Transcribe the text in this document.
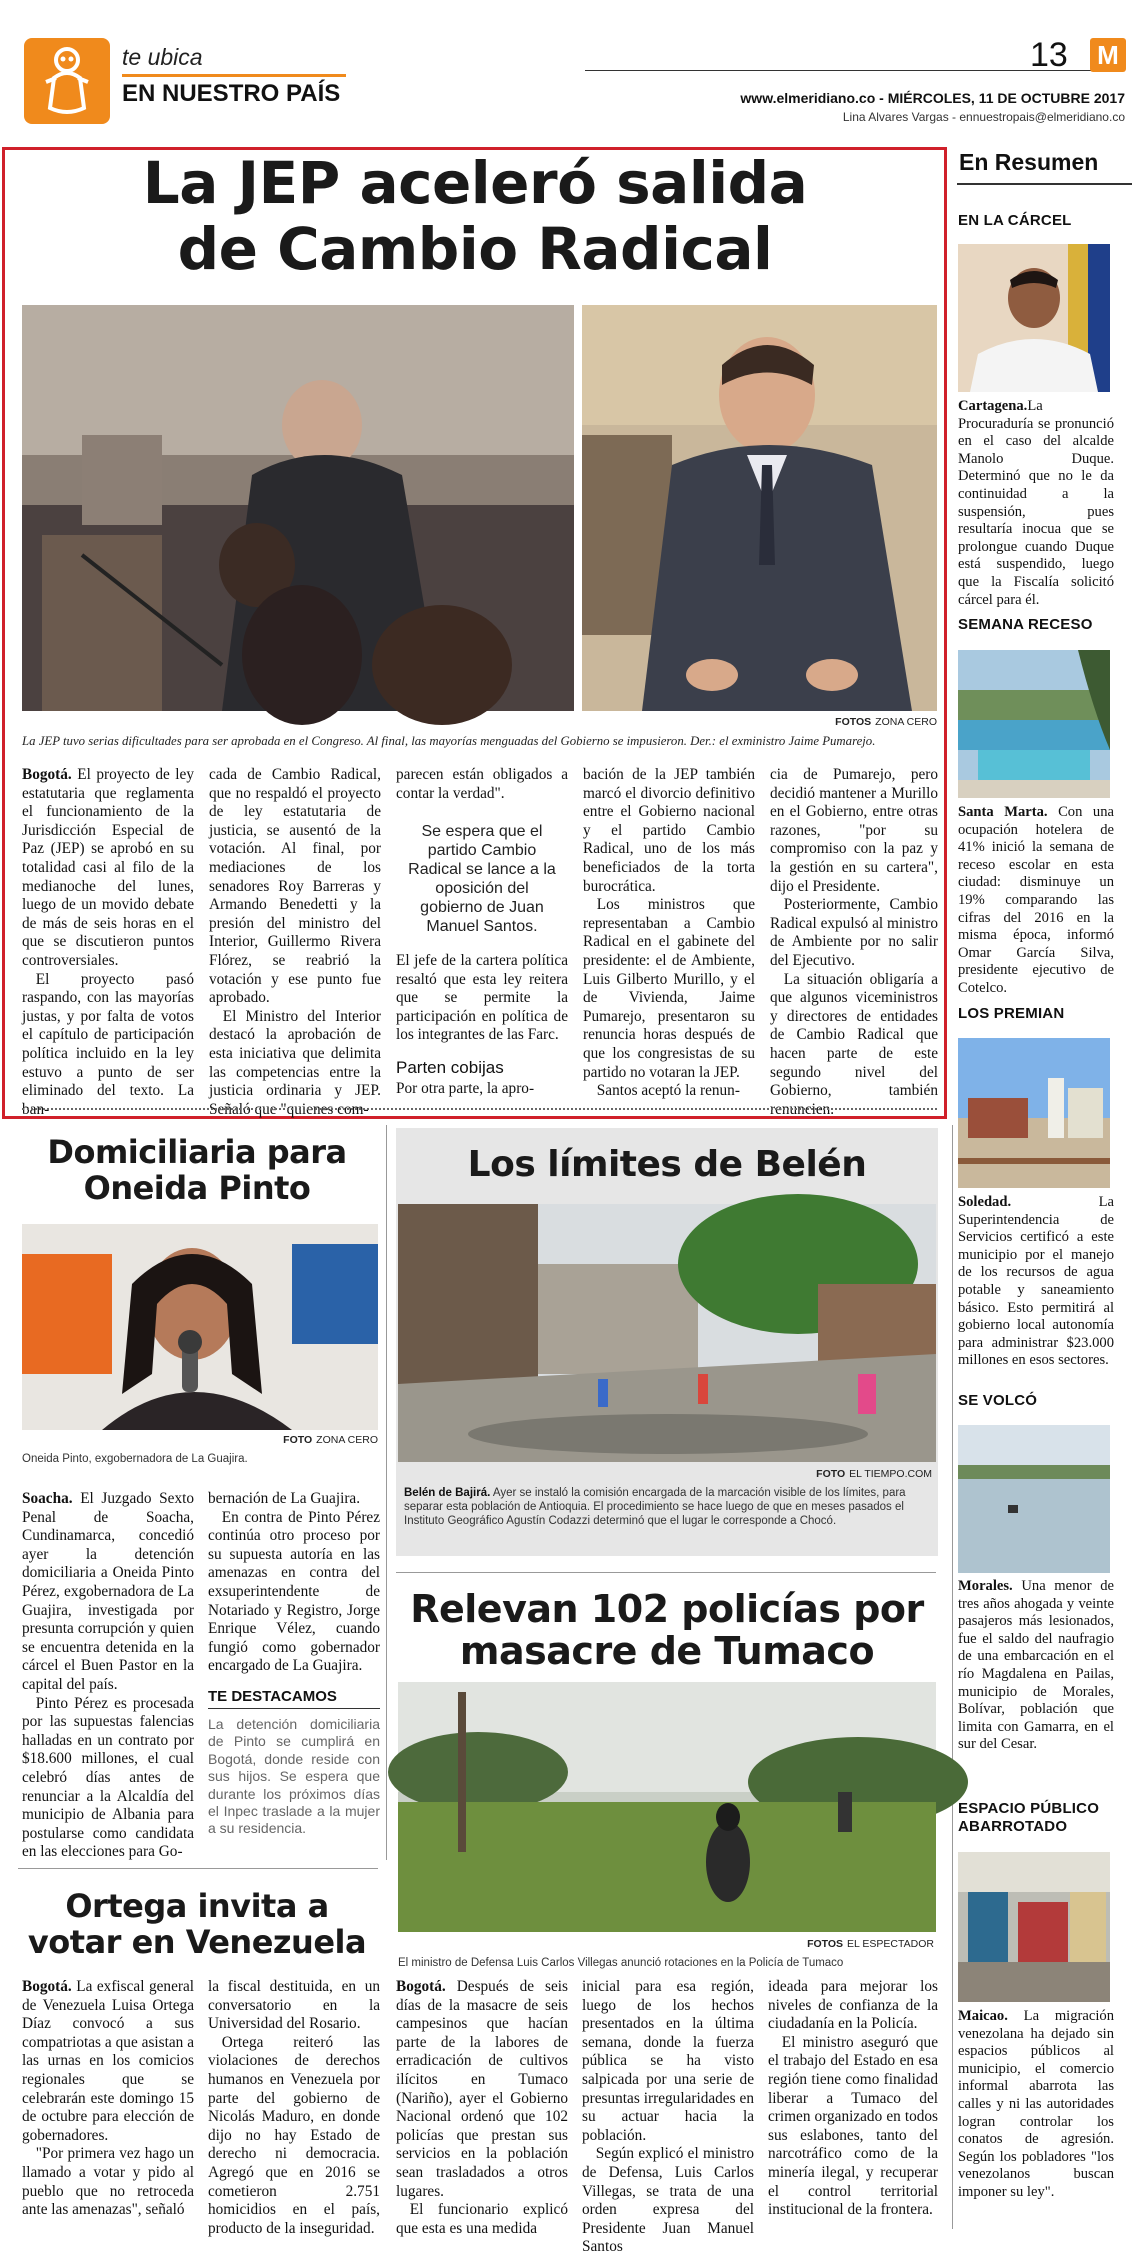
te ubica
EN NUESTRO PAÍS
13 M
www.elmeridiano.co - MIÉRCOLES, 11 DE OCTUBRE 2017
Lina Alvares Vargas - ennuestropais@elmeridiano.co
La JEP aceleró salida
de Cambio Radical
FOTOS ZONA CERO
La JEP tuvo serias dificultades para ser aprobada en el Congreso. Al final, las mayorías menguadas del Gobierno se impusieron. Der.: el exministro Jaime Pumarejo.

Bogotá. El proyecto de ley estatutaria que reglamenta el funcionamiento de la Jurisdicción Especial de Paz (JEP) se aprobó en su totalidad casi al filo de la medianoche del lunes, luego de un movido debate de más de seis horas en el que se discutieron puntos controversiales.

El proyecto pasó raspando, con las mayorías justas, y por falta de votos el capítulo de participación política incluido en la ley estuvo a punto de ser eliminado del texto. La ban-

cada de Cambio Radical, que no respaldó el proyecto de ley estatutaria de justicia, se ausentó de la votación. Al final, por mediaciones de los senadores Roy Barreras y Armando Benedetti y la presión del ministro del Interior, Guillermo Rivera Flórez, se reabrió la votación y ese punto fue aprobado.

El Ministro del Interior destacó la aprobación de esta iniciativa que delimita las competencias entre la justicia ordinaria y JEP. Señaló que "quienes com-

parecen están obligados a contar la verdad".

Se espera que el partido Cambio Radical se lance a la oposición del gobierno de Juan Manuel Santos.

El jefe de la cartera política resaltó que esta ley reitera que se permite la participación en política de los integrantes de las Farc.

Parten cobijas

Por otra parte, la apro-

bación de la JEP también marcó el divorcio definitivo entre el Gobierno nacional y el partido Cambio Radical, uno de los más beneficiados de la torta burocrática.

Los ministros que representaban a Cambio Radical en el gabinete del presidente: el de Ambiente, Luis Gilberto Murillo, y el de Vivienda, Jaime Pumarejo, presentaron su renuncia horas después de que los congresistas de su partido no votaran la JEP.

Santos aceptó la renun-

cia de Pumarejo, pero decidió mantener a Murillo en el Gobierno, entre otras razones, "por su compromiso con la paz y la gestión en su cartera", dijo el Presidente.

Posteriormente, Cambio Radical expulsó al ministro de Ambiente por no salir del Ejecutivo.

La situación obligaría a que algunos viceministros y directores de entidades de Cambio Radical que hacen parte de este segundo nivel del Gobierno, también renuncien.

En Resumen
EN LA CÁRCEL
Cartagena.La Procuraduría se pronunció en el caso del alcalde Manolo Duque. Determinó que no le da continuidad a la suspensión, pues resultaría inocua que se prolongue cuando Duque está suspendido, luego que la Fiscalía solicitó cárcel para él.
SEMANA RECESO
Santa Marta. Con una ocupación hotelera de 41% inició la semana de receso escolar en esta ciudad: disminuye un 19% comparando las cifras del 2016 en la misma época, informó Omar García Silva, presidente ejecutivo de Cotelco.
LOS PREMIAN
Soledad. La Superintendencia de Servicios certificó a este municipio por el manejo de los recursos de agua potable y saneamiento básico. Esto permitirá al gobierno local autonomía para administrar $23.000 millones en esos sectores.
SE VOLCÓ
Morales. Una menor de tres años ahogada y veinte pasajeros más lesionados, fue el saldo del naufragio de una embarcación en el río Magdalena en Pailas, municipio de Morales, Bolívar, población que limita con Gamarra, en el sur del Cesar.
ESPACIO PÚBLICO ABARROTADO
Maicao. La migración venezolana ha dejado sin espacios públicos al municipio, el comercio informal abarrota las calles y ni las autoridades logran controlar los conatos de agresión. Según los pobladores "los venezolanos buscan imponer su ley".
Domiciliaria para
Oneida Pinto
FOTO ZONA CERO
Oneida Pinto, exgobernadora de La Guajira.

Soacha. El Juzgado Sexto Penal de Soacha, Cundinamarca, concedió ayer la detención domiciliaria a Oneida Pinto Pérez, exgobernadora de La Guajira, investigada por presunta corrupción y quien se encuentra detenida en la cárcel el Buen Pastor en la capital del país.

Pinto Pérez es procesada por las supuestas falencias halladas en un contrato por $18.600 millones, el cual celebró días antes de renunciar a la Alcaldía del municipio de Albania para postularse como candidata en las elecciones para Go-

bernación de La Guajira.

En contra de Pinto Pérez continúa otro proceso por su supuesta autoría en las amenazas en contra del exsuperintendente de Notariado y Registro, Jorge Enrique Vélez, cuando fungió como gobernador encargado de La Guajira.

TE DESTACAMOS
La detención domiciliaria de Pinto se cumplirá en Bogotá, donde reside con sus hijos. Se espera que durante los próximos días el Inpec traslade a la mujer a su residencia.
Ortega invita a
votar en Venezuela

Bogotá. La exfiscal general de Venezuela Luisa Ortega Díaz convocó a sus compatriotas a que asistan a las urnas en los comicios regionales que se celebrarán este domingo 15 de octubre para elección de gobernadores.

"Por primera vez hago un llamado a votar y pido al pueblo que no retroceda ante las amenazas", señaló

la fiscal destituida, en un conversatorio en la Universidad del Rosario.

Ortega reiteró las violaciones de derechos humanos en Venezuela por parte del gobierno de Nicolás Maduro, en donde dijo no hay Estado de derecho ni democracia. Agregó que en 2016 se cometieron 2.751 homicidios en el país, producto de la inseguridad.

Los límites de Belén
FOTO EL TIEMPO.COM
Belén de Bajirá. Ayer se instaló la comisión encargada de la marcación visible de los límites, para separar esta población de Antioquia. El procedimiento se hace luego de que en meses pasados el Instituto Geográfico Agustín Codazzi determinó que el lugar le corresponde a Chocó.
Relevan 102 policías por
masacre de Tumaco
FOTOS EL ESPECTADOR
El ministro de Defensa Luis Carlos Villegas anunció rotaciones en la Policía de Tumaco

Bogotá. Después de seis días de la masacre de seis campesinos que hacían parte de la labores de erradicación de cultivos ilícitos en Tumaco (Nariño), ayer el Gobierno Nacional ordenó que 102 policías que prestan sus servicios en la población sean trasladados a otros lugares.

El funcionario explicó que esta es una medida

inicial para esa región, luego de los hechos presentados en la última semana, donde la fuerza pública se ha visto salpicada por una serie de presuntas irregularidades en su actuar hacia la población.

Según explicó el ministro de Defensa, Luis Carlos Villegas, se trata de una orden expresa del Presidente Juan Manuel Santos

ideada para mejorar los niveles de confianza de la ciudadanía en la Policía.

El ministro aseguró que el trabajo del Estado en esa región tiene como finalidad liberar a Tumaco del crimen organizado en todos sus eslabones, tanto del narcotráfico como de la minería ilegal, y recuperar el control territorial institucional de la frontera.
